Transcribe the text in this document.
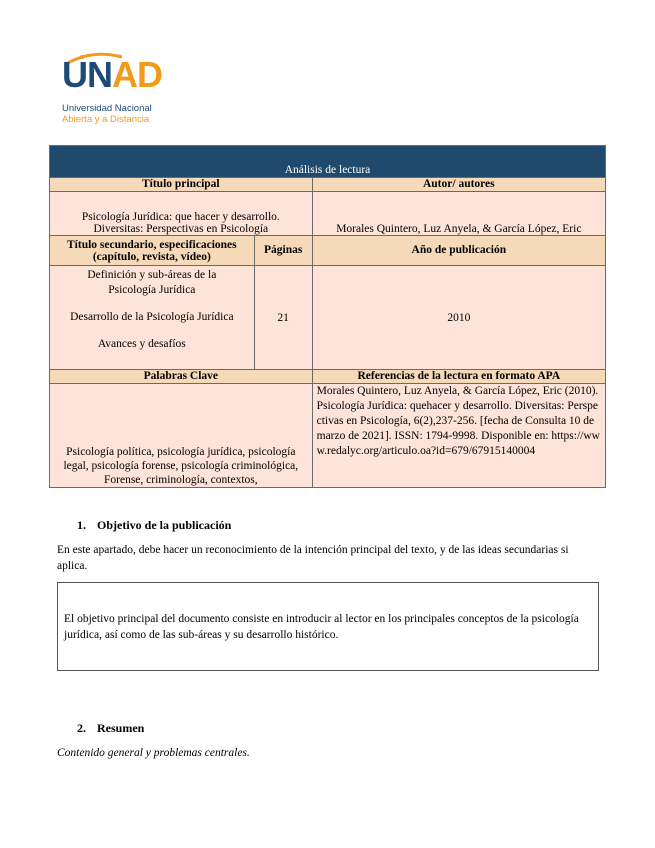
UNAD
Universidad Nacional
Abierta y a Distancia
Análisis de lectura		
Título principal		Autor/ autores

Psicología Jurídica: que hacer y desarrollo.
Diversitas: Perspectivas en Psicología		Morales Quintero, Luz Anyela, & García López, Eric
Título secundario, especificaciones (capítulo, revista, vídeo)	Páginas	Año de publicación

Definición y sub-áreas de la Psicología Jurídica
Desarrollo de la Psicología Jurídica
Avances y desafíos	21	2010
Palabras Clave		Referencias de la lectura en formato APA

Psicología política, psicología jurídica, psicología legal, psicología forense, psicología criminológica,
Forense, criminología, contextos,		Morales Quintero, Luz Anyela, & García López, Eric (2010). Psicología Jurídica: quehacer y desarrollo. Diversitas: Perspectivas en Psicología, 6(2),237-256. [fecha de Consulta 10 de marzo de 2021]. ISSN: 1794-9998. Disponible en: https://www.redalyc.org/articulo.oa?id=679/67915140004
1. Objetivo de la publicación
En este apartado, debe hacer un reconocimiento de la intención principal del texto, y de las ideas secundarias si aplica.
El objetivo principal del documento consiste en introducir al lector en los principales conceptos de la psicología jurídica, así como de las sub-áreas y su desarrollo histórico.
2. Resumen
Contenido general y problemas centrales.
